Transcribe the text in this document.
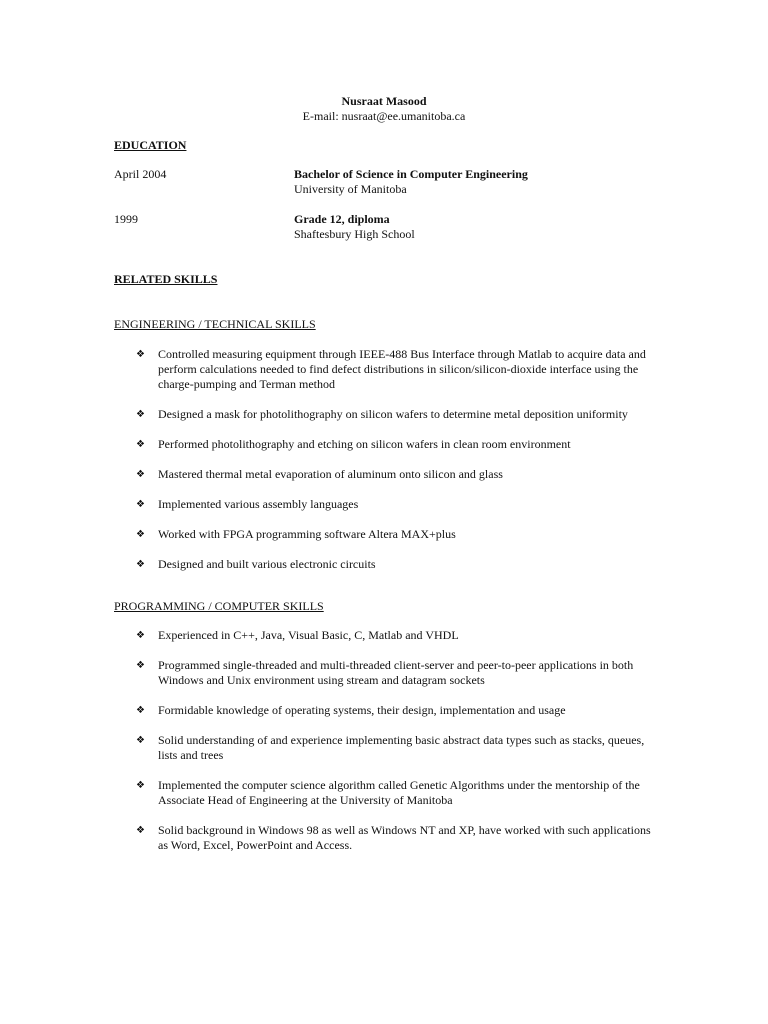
Nusraat Masood
E-mail: nusraat@ee.umanitoba.ca
EDUCATION
April 2004	Bachelor of Science in Computer Engineering
University of Manitoba
1999	Grade 12, diploma
Shaftesbury High School
RELATED SKILLS
ENGINEERING / TECHNICAL SKILLS
❖ Controlled measuring equipment through IEEE-488 Bus Interface through Matlab to acquire data and perform calculations needed to find defect distributions in silicon/silicon-dioxide interface using the charge-pumping and Terman method
❖ Designed a mask for photolithography on silicon wafers to determine metal deposition uniformity
❖ Performed photolithography and etching on silicon wafers in clean room environment
❖ Mastered thermal metal evaporation of aluminum onto silicon and glass
❖ Implemented various assembly languages
❖ Worked with FPGA programming software Altera MAX+plus
❖ Designed and built various electronic circuits
PROGRAMMING / COMPUTER SKILLS
❖ Experienced in C++, Java, Visual Basic, C, Matlab and VHDL
❖ Programmed single-threaded and multi-threaded client-server and peer-to-peer applications in both Windows and Unix environment using stream and datagram sockets
❖ Formidable knowledge of operating systems, their design, implementation and usage
❖ Solid understanding of and experience implementing basic abstract data types such as stacks, queues, lists and trees
❖ Implemented the computer science algorithm called Genetic Algorithms under the mentorship of the Associate Head of Engineering at the University of Manitoba
❖ Solid background in Windows 98 as well as Windows NT and XP, have worked with such applications as Word, Excel, PowerPoint and Access.
